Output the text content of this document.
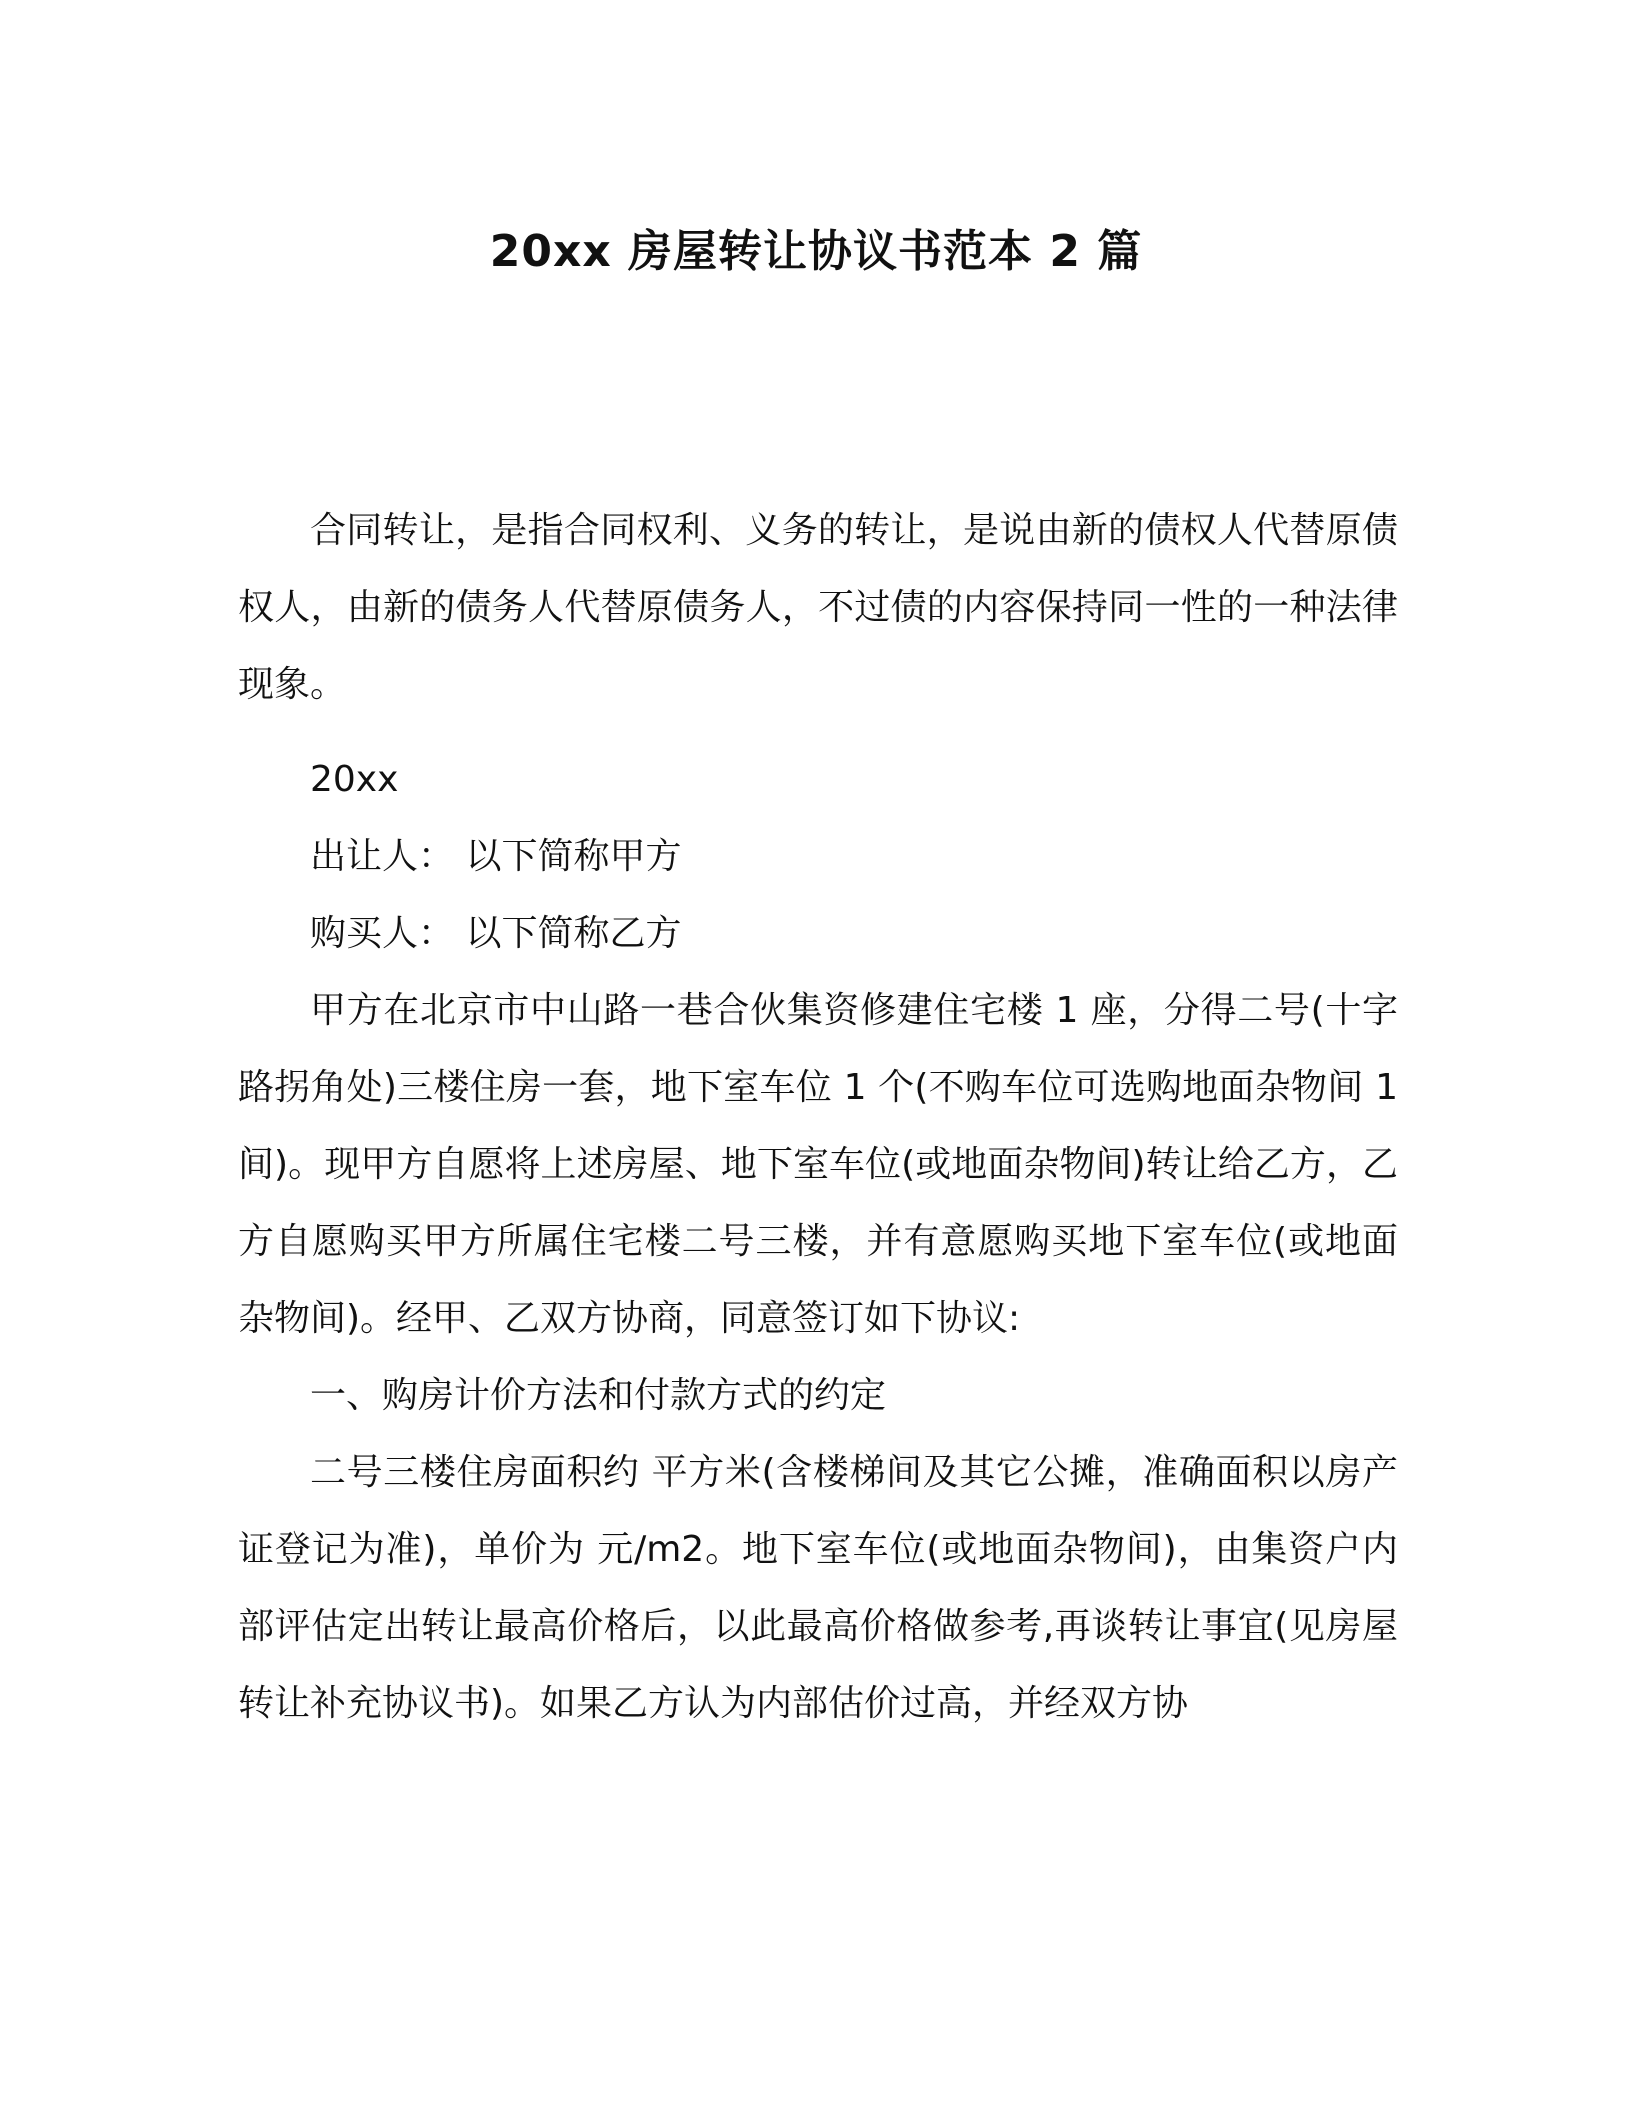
20xx 房屋转让协议书范本 2 篇

合同转让，是指合同权利、义务的转让，是说由新的债权人代替原债权人，由新的债务人代替原债务人，不过债的内容保持同一性的一种法律现象。

20xx

出让人： 以下简称甲方

购买人： 以下简称乙方

甲方在北京市中山路一巷合伙集资修建住宅楼 1 座，分得二号(十字路拐角处)三楼住房一套，地下室车位 1 个(不购车位可选购地面杂物间 1 间)。现甲方自愿将上述房屋、地下室车位(或地面杂物间)转让给乙方，乙方自愿购买甲方所属住宅楼二号三楼，并有意愿购买地下室车位(或地面杂物间)。经甲、乙双方协商，同意签订如下协议:

一、购房计价方法和付款方式的约定

二号三楼住房面积约 平方米(含楼梯间及其它公摊，准确面积以房产证登记为准)，单价为 元/m2。地下室车位(或地面杂物间)，由集资户内部评估定出转让最高价格后，以此最高价格做参考,再谈转让事宜(见房屋转让补充协议书)。如果乙方认为内部估价过高，并经双方协
